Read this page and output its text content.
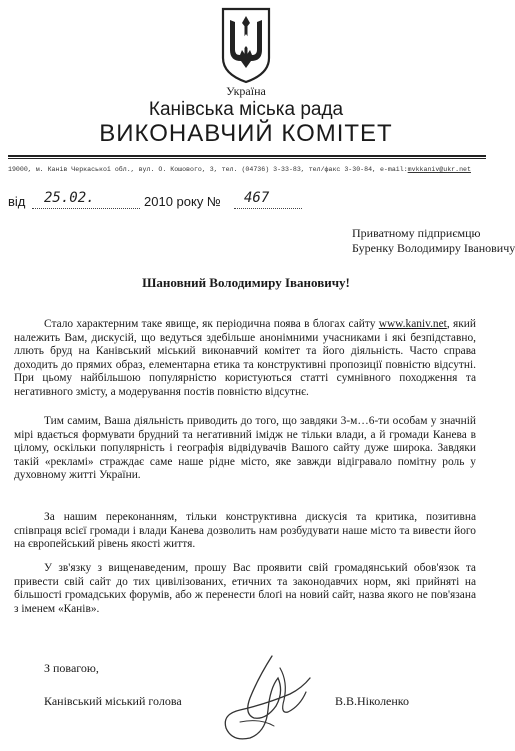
Україна
Канівська міська рада
ВИКОНАВЧИЙ КОМІТЕТ
19000, м. Канів Черкаської обл., вул. О. Кошового, 3, тел. (04736) 3-33-83, тел/факс 3-30-84, e-mail:mvkkaniv@ukr.net
від 25.02.	2010 року № 467
Приватному підприємцю
Буренку Володимиру Івановичу
Шановний Володимиру Івановичу!

Стало характерним таке явище, як періодична поява в блогах сайту www.kaniv.net, який належить Вам, дискусій, що ведуться здебільше анонімними учасниками і які безпідставно, ллють бруд на Канівський міський виконавчий комітет та його діяльність. Часто справа доходить до прямих образ, елементарна етика та конструктивні пропозиції повністю відсутні. При цьому найбільшою популярністю користуються статті сумнівного походження та негативного змісту, а модерування постів повністю відсутнє.

Тим самим, Ваша діяльність приводить до того, що завдяки 3-м…6-ти особам у значній мірі вдається формувати брудний та негативний імідж не тільки влади, а й громади Канева в цілому, оскільки популярність і географія відвідувачів Вашого сайту дуже широка. Завдяки такій «рекламі» страждає саме наше рідне місто, яке завжди відігравало помітну роль у духовному житті України.

За нашим переконанням, тільки конструктивна дискусія та критика, позитивна співпраця всієї громади і влади Канева дозволить нам розбудувати наше місто та вивести його на європейський рівень якості життя.

У зв'язку з вищенаведеним, прошу Вас проявити свій громадянський обов'язок та привести свій сайт до тих цивілізованих, етичних та законодавчих норм, які прийняті на більшості громадських форумів, або ж перенести блоґі на новий сайт, назва якого не пов'язана з іменем «Канів».

З повагою,
Канівський міський голова	В.В.Ніколенко
